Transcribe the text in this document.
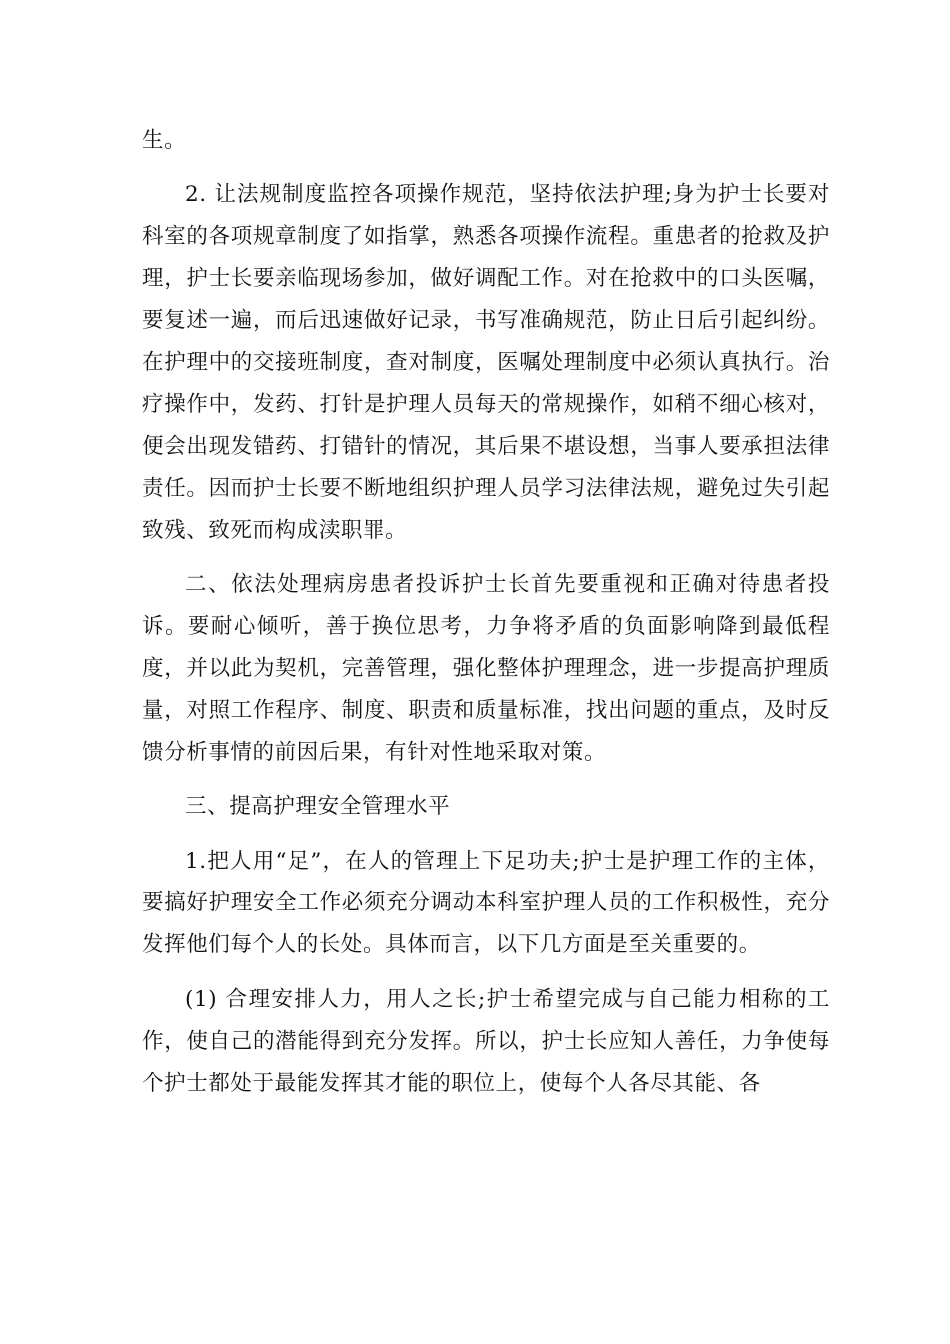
生。

2. 让法规制度监控各项操作规范，坚持依法护理;身为护士长要对科室的各项规章制度了如指掌，熟悉各项操作流程。重患者的抢救及护理，护士长要亲临现场参加，做好调配工作。对在抢救中的口头医嘱，要复述一遍，而后迅速做好记录，书写准确规范，防止日后引起纠纷。在护理中的交接班制度，查对制度，医嘱处理制度中必须认真执行。治疗操作中，发药、打针是护理人员每天的常规操作，如稍不细心核对，便会出现发错药、打错针的情况，其后果不堪设想，当事人要承担法律责任。因而护士长要不断地组织护理人员学习法律法规，避免过失引起致残、致死而构成渎职罪。

二、依法处理病房患者投诉护士长首先要重视和正确对待患者投诉。要耐心倾听，善于换位思考，力争将矛盾的负面影响降到最低程度，并以此为契机，完善管理，强化整体护理理念，进一步提高护理质量，对照工作程序、制度、职责和质量标准，找出问题的重点，及时反馈分析事情的前因后果，有针对性地采取对策。

三、提高护理安全管理水平

1.把人用“足”，在人的管理上下足功夫;护士是护理工作的主体，要搞好护理安全工作必须充分调动本科室护理人员的工作积极性，充分发挥他们每个人的长处。具体而言，以下几方面是至关重要的。

(1) 合理安排人力，用人之长;护士希望完成与自己能力相称的工作，使自己的潜能得到充分发挥。所以，护士长应知人善任，力争使每个护士都处于最能发挥其才能的职位上，使每个人各尽其能、各
